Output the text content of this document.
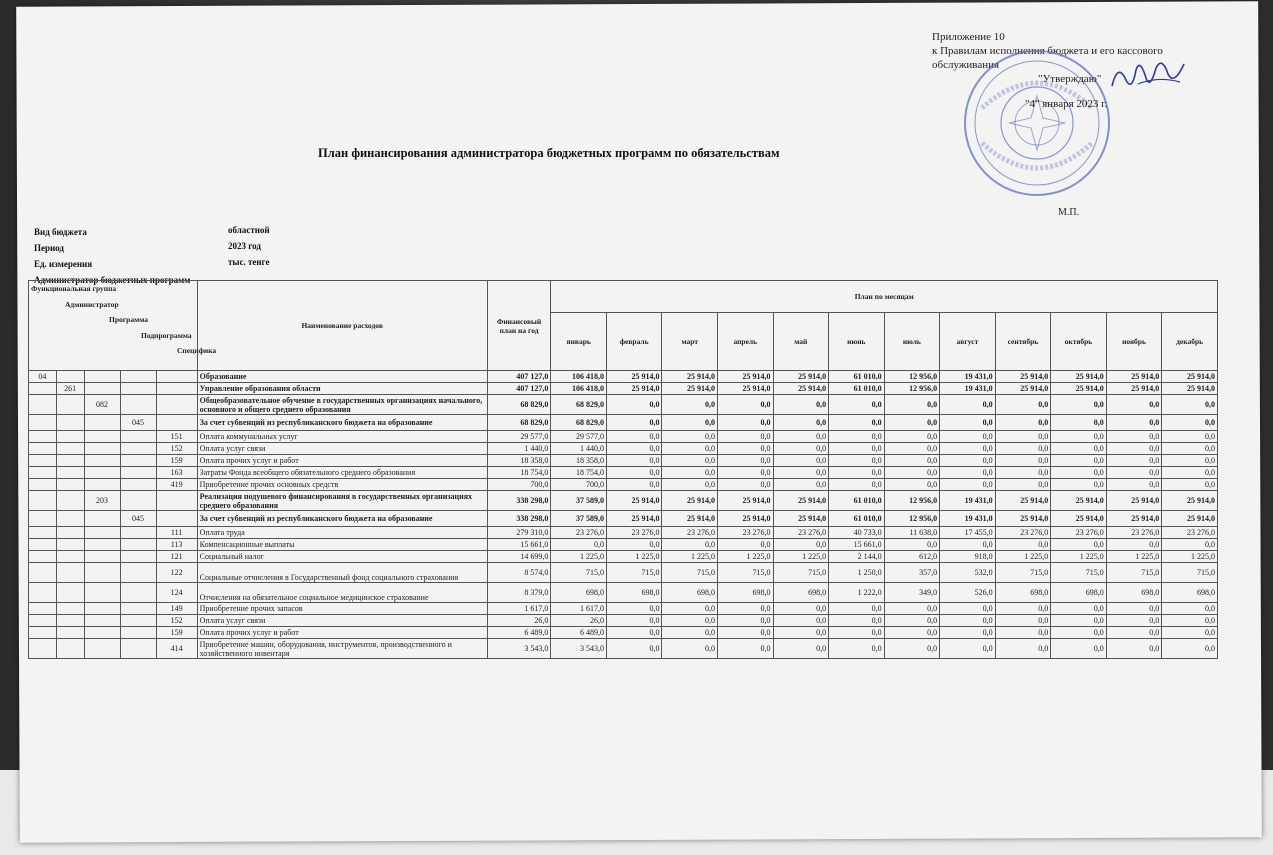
Приложение 10
к Правилам исполнения бюджета и его кассового
обслуживания
"Утверждаю"
"4" января 2023 г.
М.П.
План финансирования администратора бюджетных программ по обязательствам
Вид бюджета	областной
Период	2023 год
Ед. измерения	тыс. тенге
Администратор бюджетных программ
Функциональная группа
Администратор
Программа
Подпрограмма
Специфика					Наименование расходов	Финансовый план на год	План по месяцам											
							январь	февраль	март	апрель	май	июнь	июль	август	сентябрь	октябрь	ноябрь	декабрь
04					Образование	407 127,0	106 418,0	25 914,0	25 914,0	25 914,0	25 914,0	61 010,0	12 956,0	19 431,0	25 914,0	25 914,0	25 914,0	25 914,0
	261				Управление образования области	407 127,0	106 418,0	25 914,0	25 914,0	25 914,0	25 914,0	61 010,0	12 956,0	19 431,0	25 914,0	25 914,0	25 914,0	25 914,0
		082			Общеобразовательное обучение в государственных организациях начального, основного и общего среднего образования	68 829,0	68 829,0	0,0	0,0	0,0	0,0	0,0	0,0	0,0	0,0	0,0	0,0	0,0
			045		За счет субвенций из республиканского бюджета на образование	68 829,0	68 829,0	0,0	0,0	0,0	0,0	0,0	0,0	0,0	0,0	0,0	0,0	0,0
				151	Оплата коммунальных услуг	29 577,0	29 577,0	0,0	0,0	0,0	0,0	0,0	0,0	0,0	0,0	0,0	0,0	0,0
				152	Оплата услуг связи	1 440,0	1 440,0	0,0	0,0	0,0	0,0	0,0	0,0	0,0	0,0	0,0	0,0	0,0
				159	Оплата прочих услуг и работ	18 358,0	18 358,0	0,0	0,0	0,0	0,0	0,0	0,0	0,0	0,0	0,0	0,0	0,0
				163	Затраты Фонда всеобщего обязательного среднего образования	18 754,0	18 754,0	0,0	0,0	0,0	0,0	0,0	0,0	0,0	0,0	0,0	0,0	0,0
				419	Приобретение прочих основных средств	700,0	700,0	0,0	0,0	0,0	0,0	0,0	0,0	0,0	0,0	0,0	0,0	0,0
		203			Реализация подушевого финансирования в государственных организациях среднего образования	338 298,0	37 589,0	25 914,0	25 914,0	25 914,0	25 914,0	61 010,0	12 956,0	19 431,0	25 914,0	25 914,0	25 914,0	25 914,0
			045		За счет субвенций из республиканского бюджета на образование	338 298,0	37 589,0	25 914,0	25 914,0	25 914,0	25 914,0	61 010,0	12 956,0	19 431,0	25 914,0	25 914,0	25 914,0	25 914,0
				111	Оплата труда	279 310,0	23 276,0	23 276,0	23 276,0	23 276,0	23 276,0	40 733,0	11 638,0	17 455,0	23 276,0	23 276,0	23 276,0	23 276,0
				113	Компенсационные выплаты	15 661,0	0,0	0,0	0,0	0,0	0,0	15 661,0	0,0	0,0	0,0	0,0	0,0	0,0
				121	Социальный налог	14 699,0	1 225,0	1 225,0	1 225,0	1 225,0	1 225,0	2 144,0	612,0	918,0	1 225,0	1 225,0	1 225,0	1 225,0
				122	Социальные отчисления в Государственный фонд социального страхования	8 574,0	715,0	715,0	715,0	715,0	715,0	1 250,0	357,0	532,0	715,0	715,0	715,0	715,0
				124	Отчисления на обязательное социальное медицинское страхование	8 379,0	698,0	698,0	698,0	698,0	698,0	1 222,0	349,0	526,0	698,0	698,0	698,0	698,0
				149	Приобретение прочих запасов	1 617,0	1 617,0	0,0	0,0	0,0	0,0	0,0	0,0	0,0	0,0	0,0	0,0	0,0
				152	Оплата услуг связи	26,0	26,0	0,0	0,0	0,0	0,0	0,0	0,0	0,0	0,0	0,0	0,0	0,0
				159	Оплата прочих услуг и работ	6 489,0	6 489,0	0,0	0,0	0,0	0,0	0,0	0,0	0,0	0,0	0,0	0,0	0,0
				414	Приобретение машин, оборудования, инструментов, производственного и хозяйственного инвентаря	3 543,0	3 543,0	0,0	0,0	0,0	0,0	0,0	0,0	0,0	0,0	0,0	0,0	0,0
